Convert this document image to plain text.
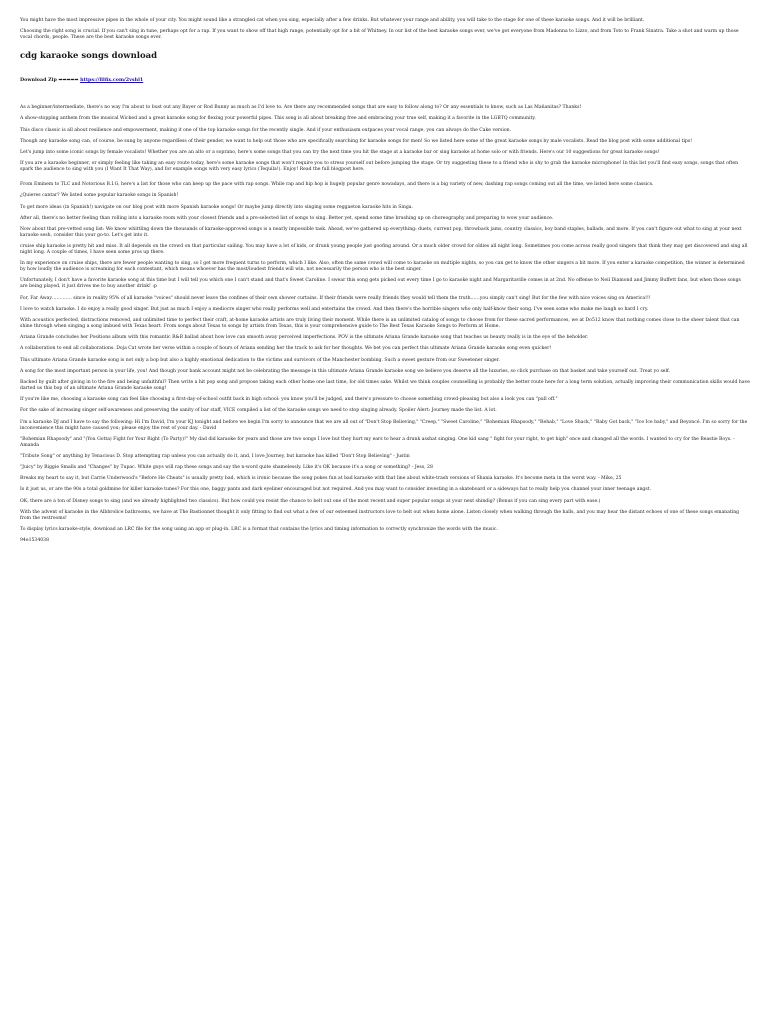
You might have the most impressive pipes in the whole of your city. You might sound like a strangled cat when you sing, especially after a few drinks. But whatever your range and ability, you will take to the stage for one of these karaoke songs. And it will be brilliant.

Choosing the right song is crucial. If you can't sing in tune, perhaps opt for a rap. If you want to show off that high range, potentially opt for a bit of Whitney. In our list of the best karaoke songs ever, we've got everyone from Madonna to Lizzo, and from Toto to Frank Sinatra. Take a shot and warm up those vocal chords, people. These are the best karaoke songs ever.

cdg karaoke songs download
Download Zip ➡➡➡➡➡ https://lllfix.com/2vshl1

As a beginner/intermediate, there's no way I'm about to bust out any Bayer or Rod Bunny as much as I'd love to. Are there any recommended songs that are easy to follow along to? Or any essentials to know, such as Las Mañanitas? Thanks!

A show-stopping anthem from the musical Wicked and a great karaoke song for flexing your powerful pipes. This song is all about breaking free and embracing your true self, making it a favorite in the LGBTQ community.

This disco classic is all about resilience and empowerment, making it one of the top karaoke songs for the recently single. And if your enthusiasm outpaces your vocal range, you can always do the Cake version.

Though any karaoke song can, of course, be sung by anyone regardless of their gender, we want to help out those who are specifically searching for karaoke songs for men! So we listed here some of the great karaoke songs by male vocalists. Read the blog post with some additional tips!

Let's jump into some iconic songs by female vocalists! Whether you are an alto or a soprano, here's some songs that you can try the next time you hit the stage at a karaoke bar or sing karaoke at home solo or with friends. Here's our 10 suggestions for great karaoke songs!

If you are a karaoke beginner, or simply feeling like taking an easy route today, here's some karaoke songs that won't require you to stress yourself out before jumping the stage. Or try suggesting these to a friend who is shy to grab the karaoke microphone! In this list you'll find easy songs, songs that often spark the audience to sing with you (I Want It That Way), and for example songs with very easy lyrics (Tequila!). Enjoy! Read the full blogpost here.

From Eminem to TLC and Notorious B.I.G, here's a list for those who can keep up the pace with rap songs. While rap and hip hop is hugely popular genre nowadays, and there is a big variety of new, dashing rap songs coming out all the time, we listed here some classics.

¿Quieres cantar? We listed some popular karaoke songs in Spanish!

To get more ideas (in Spanish!) navigate on our blog post with more Spanish karaoke songs! Or maybe jump directly into singing some reggaeton karaoke hits in Singa.

After all, there's no better feeling than rolling into a karaoke room with your closest friends and a pre-selected list of songs to sing. Better yet, spend some time brushing up on choreography and preparing to wow your audience.

Now about that pre-vetted song list: We know whittling down the thousands of karaoke-approved songs is a nearly impossible task. Ahead, we've gathered up everything: duets, current pop, throwback jams, country classics, boy band staples, ballads, and more. If you can't figure out what to sing at your next karaoke sesh, consider this your go-to. Let's get into it.

cruise ship karaoke is pretty hit and miss. It all depends on the crowd on that particular sailing. You may have a lot of kids, or drunk young people just goofing around. Or a much older crowd for oldies all night long. Sometimes you come across really good singers that think they may get discovered and sing all night long. A couple of times, I have seen some pros up there.

In my experience on cruise ships, there are fewer people wanting to sing, so I get more frequent turns to perform, which I like. Also, often the same crowd will come to karaoke on multiple nights, so you can get to know the other singers a bit more. If you enter a karaoke competition, the winner is determined by how loudly the audience is screaming for each contestant, which means whoever has the most/loudest friends will win, not necessarily the person who is the best singer.

Unfortunately, I don't have a favorite karaoke song at this time but I will tell you which one I can't stand and that's Sweet Caroline. I swear this song gets picked out every time I go to karaoke night and Margaritaville comes in at 2nd. No offense to Neil Diamond and Jimmy Buffett fans, but when those songs are being played, it just drives me to buy another drink! :p

For, Far Away…………. since in reality 95% of all karaoke "voices" should never leave the confines of their own shower curtains. If their friends were really friends they would tell them the truth……you simply can't sing! But for the few with nice voices sing on America!!!

I love to watch karaoke. I do enjoy a really good singer. But just as much I enjoy a mediocre singer who really performs well and entertains the crowd. And then there's the horrible singers who only half-know their song. I've seen some who make me laugh so hard I cry.

With acoustics perfected, distractions removed, and unlimited time to perfect their craft, at-home karaoke artists are truly living their moment. While there is an unlimited catalog of songs to choose from for these sacred performances, we at Do512 know that nothing comes close to the sheer talent that can shine through when singing a song imbued with Texas heart. From songs about Texas to songs by artists from Texas, this is your comprehensive guide to The Best Texas Karaoke Songs to Perform at Home.

Ariana Grande concludes her Positions album with this romantic R&B ballad about how love can smooth away perceived imperfections. POV is the ultimate Ariana Grande karaoke song that teaches us beauty really is in the eye of the beholder.

A collaboration to end all collaborations. Doja Cat wrote her verse within a couple of hours of Ariana sending her the track to ask for her thoughts. We bet you can perfect this ultimate Ariana Grande karaoke song even quicker!

This ultimate Ariana Grande karaoke song is not only a bop but also a highly emotional dedication to the victims and survivors of the Manchester bombing. Such a sweet gesture from our Sweetener singer.

A song for the most important person in your life, you! And though your bank account might not be celebrating the message in this ultimate Ariana Grande karaoke song we believe you deserve all the luxuries, so click purchase on that basket and take yourself out. Treat yo self.

Backed by guilt after giving in to the fire and being unfaithful? Then write a hit pop song and propose taking each other home one last time, for old times sake. Whilst we think couples counselling is probably the better route here for a long term solution, actually improving their communication skills would have darted us this bop of an ultimate Ariana Grande karaoke song!

If you're like me, choosing a karaoke song can feel like choosing a first-day-of-school outfit back in high school: you know you'll be judged, and there's pressure to choose something crowd-pleasing but also a look you can "pull off."

For the sake of increasing singer self-awareness and preserving the sanity of bar staff, VICE compiled a list of the karaoke songs we need to stop singing already. Spoiler Alert: Journey made the list. A lot.

I'm a karaoke DJ and I have to say the following: Hi I'm David, I'm your KJ tonight and before we begin I'm sorry to announce that we are all out of "Don't Stop Believing," "Creep," "Sweet Caroline," "Bohemian Rhapsody," "Rehab," "Love Shack," "Baby Got back," "Ice Ice baby," and Beyoncé. I'm so sorry for the inconvenience this might have caused you; please enjoy the rest of your day. - David

"Bohemian Rhapsody" and "(You Gotta) Fight for Your Right (To Party)!" My dad did karaoke for years and those are two songs I love but they hurt my ears to hear a drunk asshat singing. One kid sang " fight for your right, to get high" once and changed all the words. I wanted to cry for the Beastie Boys. - Amanda

"Tribute Song" or anything by Tenacious D. Stop attempting rap unless you can actually do it, and, I love Journey, but karaoke has killed "Don't Stop Believing" - Justin

"Juicy" by Biggie Smalls and "Changes" by Tupac. White guys will rap these songs and say the n-word quite shamelessly. Like it's OK because it's a song or something? - Jess, 28

Breaks my heart to say it, but Carrie Underwood's "Before He Cheats" is usually pretty bad, which is ironic because the song pokes fun at bad karaoke with that line about white-trash versions of Shania karaoke. It's become meta in the worst way. - Mike, 25

Is it just us, or are the 90s a total goldmine for killer karaoke tunes? For this one, baggy pants and dark eyeliner encouraged but not required. And you may want to consider investing in a skateboard or a sideways hat to really help you channel your inner teenage angst.

OK, there are a ton of Disney songs to sing (and we already highlighted two classics). But how could you resist the chance to belt out one of the most recent and super popular songs at your next shindig? (Bonus if you can sing every part with ease.)

With the advent of karaoke in the Albbrolice bathrooms, we have at The Bastionnet thought it only fitting to find out what a few of our esteemed instructors love to belt out when home alone. Listen closely when walking through the halls, and you may hear the distant echoes of one of these songs emanating from the restrooms!

To display lyrics karaoke-style, download an LRC file for the song using an app or plug-in. LRC is a format that contains the lyrics and timing information to correctly synchronize the words with the music.

94e1534038
